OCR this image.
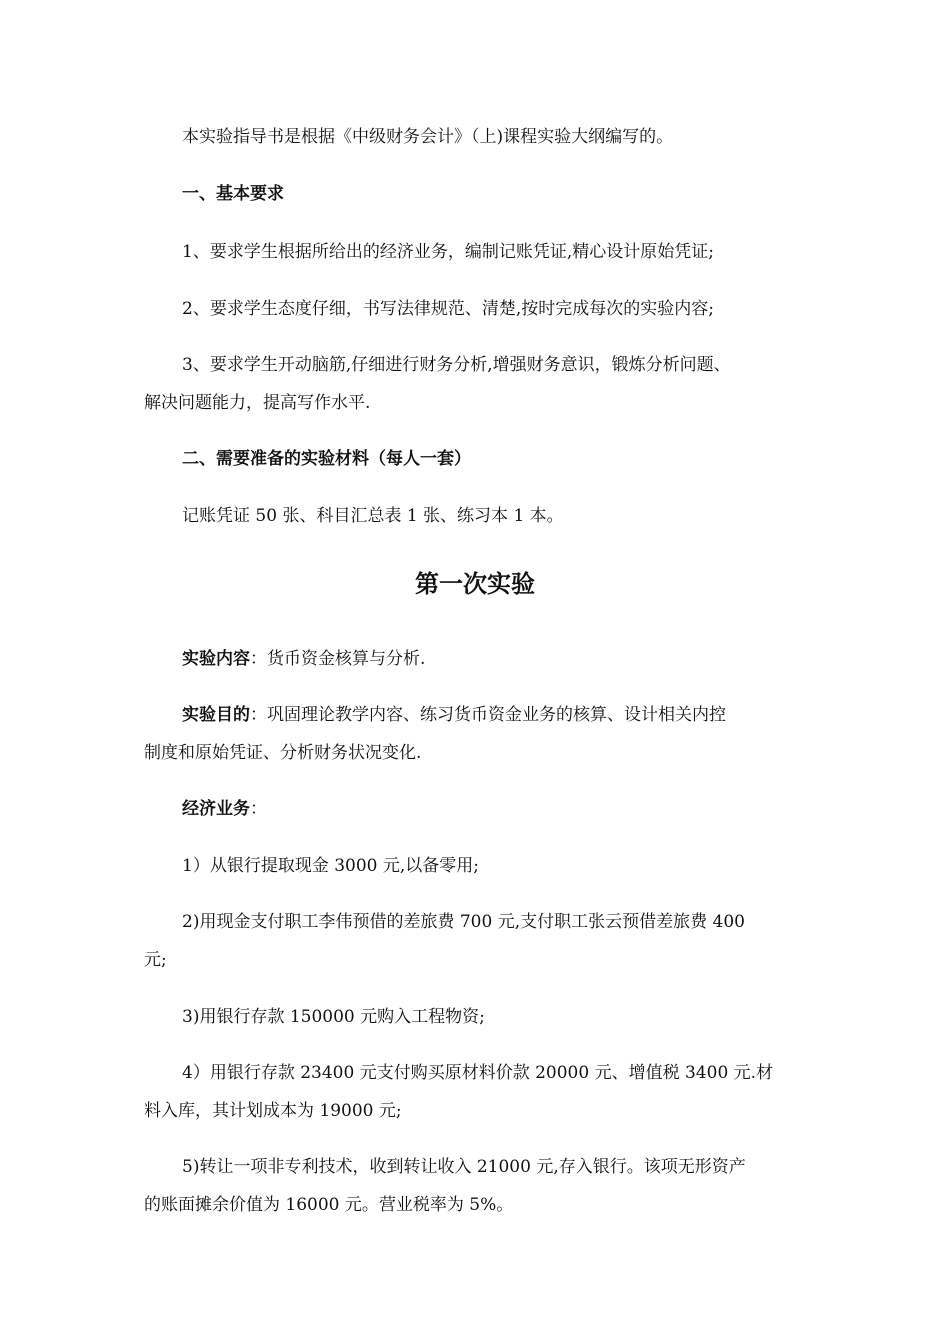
本实验指导书是根据《中级财务会计》（上)课程实验大纲编写的。

一、基本要求

1、要求学生根据所给出的经济业务，编制记账凭证,精心设计原始凭证;

2、要求学生态度仔细，书写法律规范、清楚,按时完成每次的实验内容;

3、要求学生开动脑筋,仔细进行财务分析,增强财务意识，锻炼分析问题、

解决问题能力，提高写作水平.

二、需要准备的实验材料（每人一套）

记账凭证 50 张、科目汇总表 1 张、练习本 1 本。

第一次实验

实验内容：货币资金核算与分析.

实验目的：巩固理论教学内容、练习货币资金业务的核算、设计相关内控

制度和原始凭证、分析财务状况变化.

经济业务：

1）从银行提取现金 3000 元,以备零用;

2)用现金支付职工李伟预借的差旅费 700 元,支付职工张云预借差旅费 400

元;

3)用银行存款 150000 元购入工程物资;

4）用银行存款 23400 元支付购买原材料价款 20000 元、增值税 3400 元.材

料入库，其计划成本为 19000 元;

5)转让一项非专利技术，收到转让收入 21000 元,存入银行。该项无形资产

的账面摊余价值为 16000 元。营业税率为 5%。
